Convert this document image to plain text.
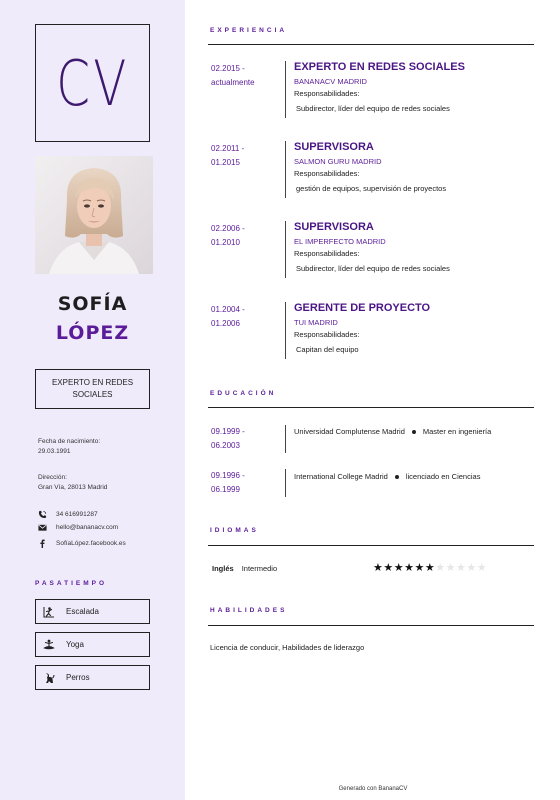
CV
SOFÍA
LÓPEZ
EXPERTO EN REDES SOCIALES
Fecha de nacimiento:
29.03.1991
Dirección:
Gran Vía, 28013 Madrid
34 616991287
hello@bananacv.com
SofíaLópez.facebook.es
PASATIEMPO
Escalada
Yoga
Perros
EXPERIENCIA
02.2015 -
actualmente
EXPERTO EN REDES SOCIALES
BANANACV MADRID
Responsabilidades:
Subdirector, líder del equipo de redes sociales
02.2011 -
01.2015
SUPERVISORA
SALMON GURU MADRID
Responsabilidades:
gestión de equipos, supervisión de proyectos
02.2006 -
01.2010
SUPERVISORA
EL IMPERFECTO MADRID
Responsabilidades:
Subdirector, líder del equipo de redes sociales
01.2004 -
01.2006
GERENTE DE PROYECTO
TUI MADRID
Responsabilidades:
Capitan del equipo
EDUCACIÓN
09.1999 -
06.2003
Universidad Complutense Madrid Master en ingeniería
09.1996 -
06.1999
International College Madrid licenciado en Ciencias
IDIOMAS
Inglés Intermedio	★★★★★★★★★★★
HABILIDADES
Licencia de conducir, Habilidades de liderazgo
Generado con BananaCV
